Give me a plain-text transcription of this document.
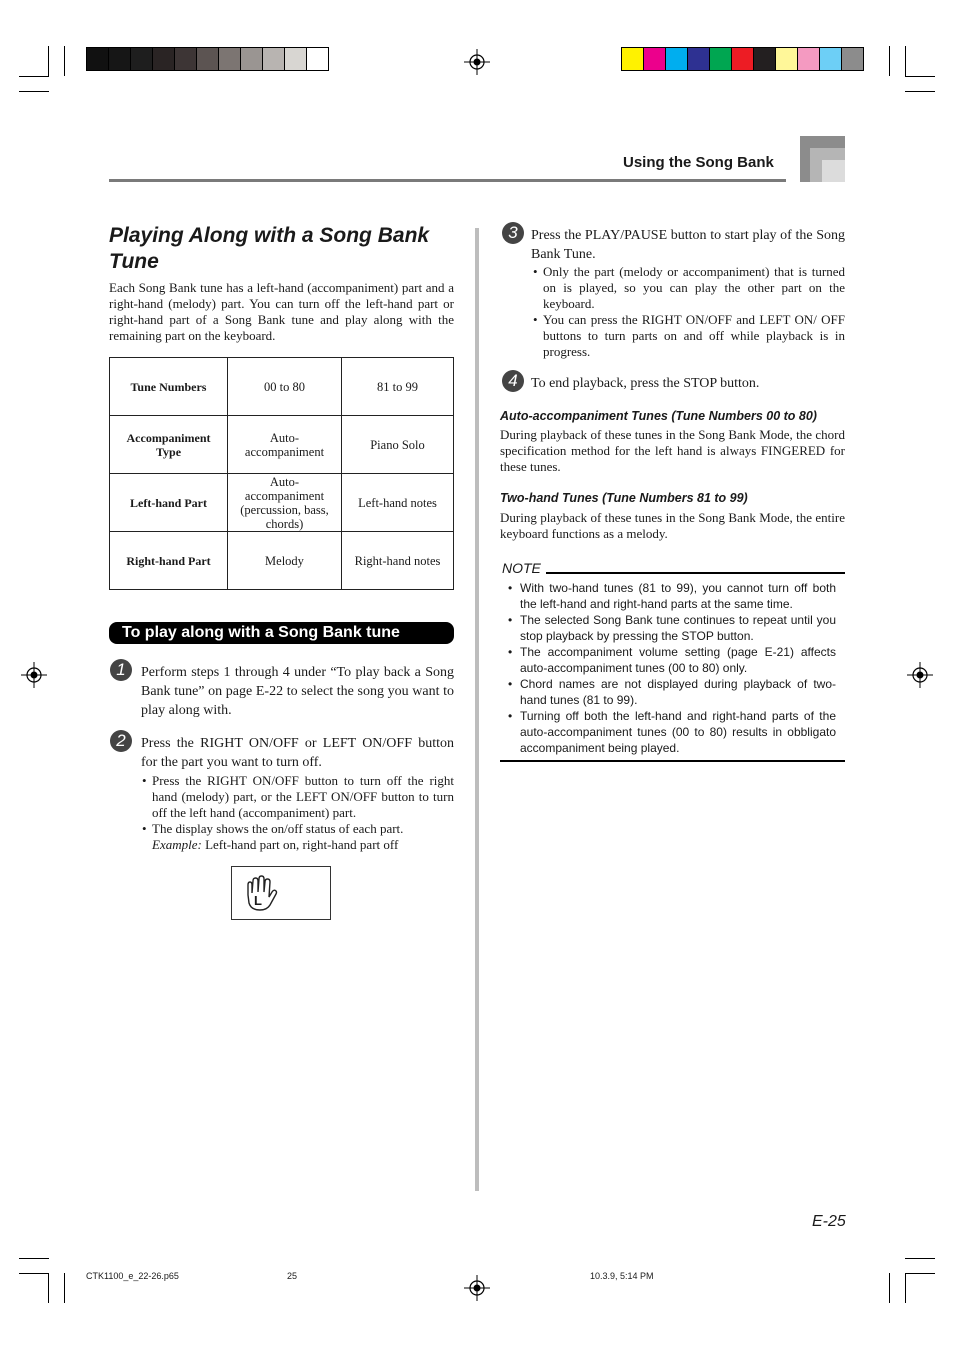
Using the Song Bank
Playing Along with a Song Bank Tune
Each Song Bank tune has a left-hand (accompaniment) part and a right-hand (melody) part. You can turn off the left-hand part or right-hand part of a Song Bank tune and play along with the remaining part on the keyboard.
Tune Numbers	00 to 80	81 to 99
Accompaniment Type	Auto-accompaniment	Piano Solo
Left-hand Part	Auto-accompaniment (percussion, bass, chords)	Left-hand notes
Right-hand Part	Melody	Right-hand notes
To play along with a Song Bank tune
1	Perform steps 1 through 4 under “To play back a Song Bank tune” on page E-22 to select the song you want to play along with.
2	Press the RIGHT ON/OFF or LEFT ON/OFF button for the part you want to turn off.
• Press the RIGHT ON/OFF button to turn off the right hand (melody) part, or the LEFT ON/OFF button to turn off the left hand (accompaniment) part.
• The display shows the on/off status of each part.
Example: Left-hand part on, right-hand part off
L
3 Press the PLAY/PAUSE button to start play of the Song Bank Tune.
• Only the part (melody or accompaniment) that is turned on is played, so you can play the other part on the keyboard.
• You can press the RIGHT ON/OFF and LEFT ON/ OFF buttons to turn parts on and off while playback is in progress.
4 To end playback, press the STOP button.
Auto-accompaniment Tunes (Tune Numbers 00 to 80)
During playback of these tunes in the Song Bank Mode, the chord specification method for the left hand is always FINGERED for these tunes.
Two-hand Tunes (Tune Numbers 81 to 99)
During playback of these tunes in the Song Bank Mode, the entire keyboard functions as a melody.
NOTE
• With two-hand tunes (81 to 99), you cannot turn off both the left-hand and right-hand parts at the same time.
• The selected Song Bank tune continues to repeat until you stop playback by pressing the STOP button.
• The accompaniment volume setting (page E-21) affects auto-accompaniment tunes (00 to 80) only.
• Chord names are not displayed during playback of two-hand tunes (81 to 99).
• Turning off both the left-hand and right-hand parts of the auto-accompaniment tunes (00 to 80) results in obbligato accompaniment being played.
E-25
CTK1100_e_22-26.p65	25	10.3.9, 5:14 PM
